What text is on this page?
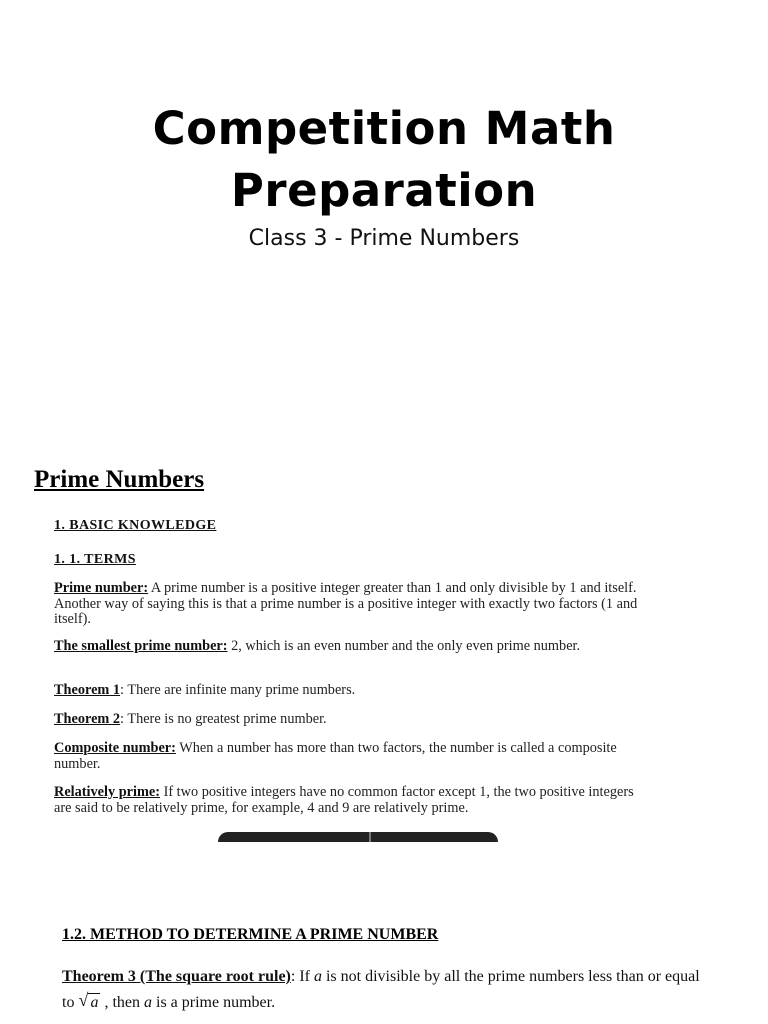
Competition Math
Preparation
Class 3 - Prime Numbers
Prime Numbers
1. BASIC KNOWLEDGE
1. 1. TERMS

Prime number: A prime number is a positive integer greater than 1 and only divisible by 1 and itself. Another way of saying this is that a prime number is a positive integer with exactly two factors (1 and itself).

The smallest prime number: 2, which is an even number and the only even prime number.

Theorem 1: There are infinite many prime numbers.

Theorem 2: There is no greatest prime number.

Composite number: When a number has more than two factors, the number is called a composite number.

Relatively prime: If two positive integers have no common factor except 1, the two positive integers are said to be relatively prime, for example, 4 and 9 are relatively prime.

1.2. METHOD TO DETERMINE A PRIME NUMBER

Theorem 3 (The square root rule): If a is not divisible by all the prime numbers less than or equal to √ a , then a is a prime number.
